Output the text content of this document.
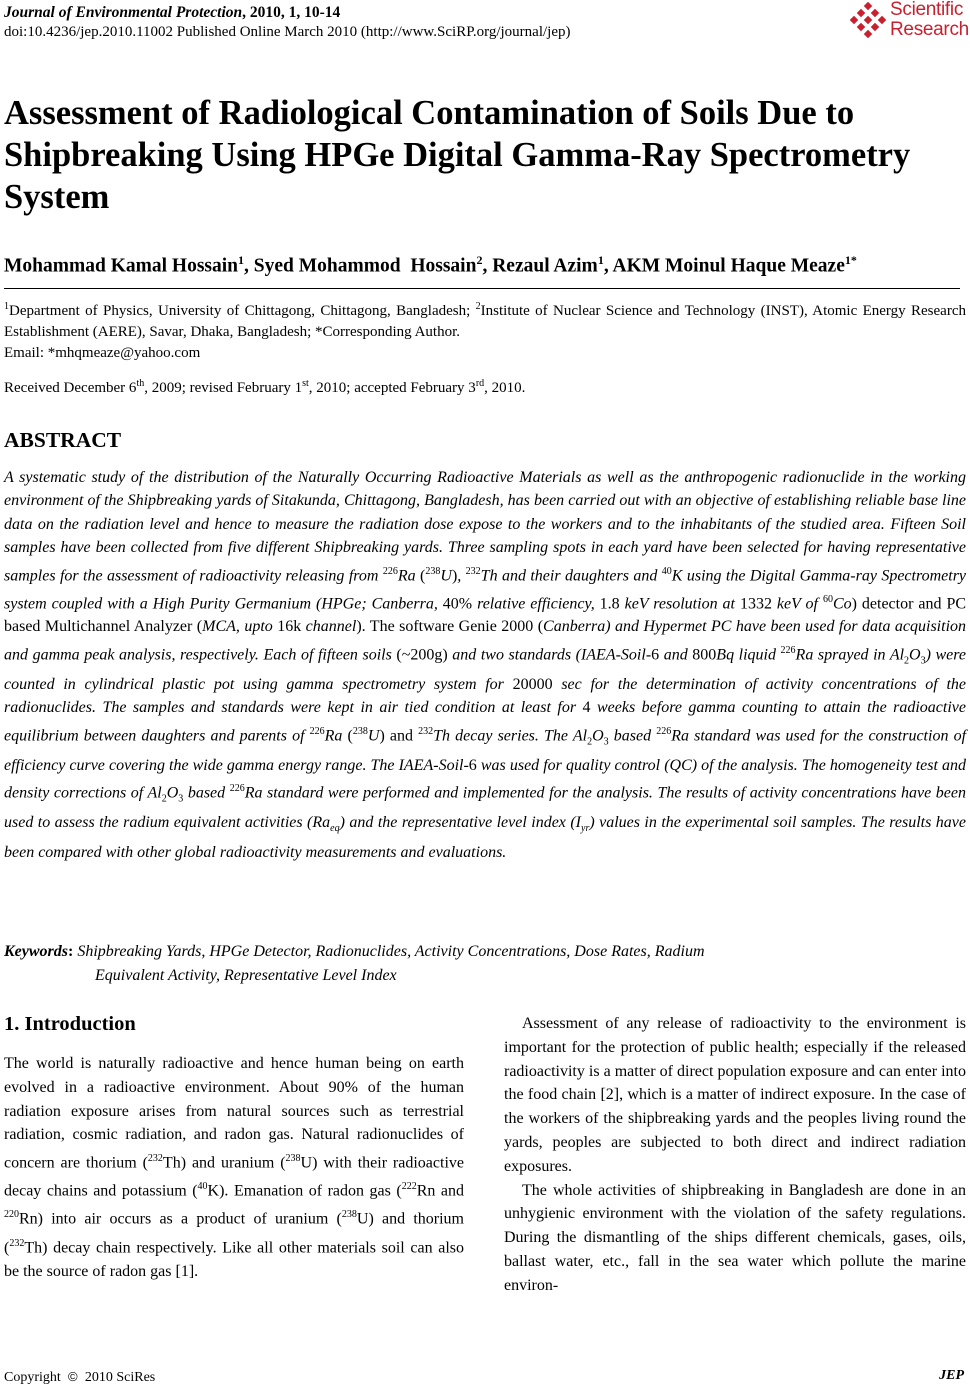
Journal of Environmental Protection, 2010, 1, 10-14
doi:10.4236/jep.2010.11002 Published Online March 2010 (http://www.SciRP.org/journal/jep)
Scientific
Research
Assessment of Radiological Contamination of Soils Due to Shipbreaking Using HPGe Digital Gamma-Ray Spectrometry System
Mohammad Kamal Hossain$^1$, Syed Mohammod  Hossain$^2$, Rezaul Azim$^1$, AKM Moinul Haque Meaze$^{1*}$

$^1$Department of Physics, University of Chittagong, Chittagong, Bangladesh; $^2$Institute of Nuclear Science and Technology (INST), Atomic Energy Research Establishment (AERE), Savar, Dhaka, Bangladesh; *Corresponding Author.

Email: *mhqmeaze@yahoo.com

Received December 6th, 2009; revised February 1st, 2010; accepted February 3rd, 2010.
ABSTRACT

A systematic study of the distribution of the Naturally Occurring Radioactive Materials as well as the anthropogenic radionuclide in the working environment of the Shipbreaking yards of Sitakunda, Chittagong, Bangladesh, has been carried out with an objective of establishing reliable base line data on the radiation level and hence to measure the radiation dose expose to the workers and to the inhabitants of the studied area. Fifteen Soil samples have been collected from five different Shipbreaking yards. Three sampling spots in each yard have been selected for having representative samples for the assessment of radioactivity releasing from $^{226}$Ra ($^{238}$U), $^{232}$Th and their daughters and $^{40}$K using the Digital Gamma-ray Spectrometry system coupled with a High Purity Germanium (HPGe; Canberra, 40% relative efficiency, 1.8 keV resolution at 1332 keV of $^{60}$Co) detector and PC based Multichannel Analyzer (MCA, upto 16k channel). The software Genie 2000 (Canberra) and Hypermet PC have been used for data acquisition and gamma peak analysis, respectively. Each of fifteen soils (~200g) and two standards (IAEA-Soil-6 and 800Bq liquid $^{226}$Ra sprayed in $Al_2O_3$) were counted in cylindrical plastic pot using gamma spectrometry system for 20000 sec for the determination of activity concentrations of the radionuclides. The samples and standards were kept in air tied condition at least for 4 weeks before gamma counting to attain the radioactive equilibrium between daughters and parents of $^{226}$Ra ($^{238}$U) and $^{232}$Th decay series. The $Al_2O_3$ based $^{226}$Ra standard was used for the construction of efficiency curve covering the wide gamma energy range. The IAEA-Soil-6 was used for quality control (QC) of the analysis. The homogeneity test and density corrections of $Al_2O_3$ based $^{226}$Ra standard were performed and implemented for the analysis. The results of activity concentrations have been used to assess the radium equivalent activities $(Ra_{eq})$ and the representative level index $(I_{yr})$ values in the experimental soil samples. The results have been compared with other global radioactivity measurements and evaluations.

Keywords: Shipbreaking Yards, HPGe Detector, Radionuclides, Activity Concentrations, Dose Rates, Radium
Equivalent Activity, Representative Level Index
1. Introduction

The world is naturally radioactive and hence human being on earth evolved in a radioactive environment. About 90% of the human radiation exposure arises from natural sources such as terrestrial radiation, cosmic radiation, and radon gas. Natural radionuclides of concern are thorium ($^{232}$Th) and uranium ($^{238}$U) with their radioactive decay chains and potassium ($^{40}$K). Emanation of radon gas ($^{222}$Rn and $^{220}$Rn) into air occurs as a product of uranium ($^{238}$U) and thorium ($^{232}$Th) decay chain respectively. Like all other materials soil can also be the source of radon gas [1].

Assessment of any release of radioactivity to the environment is important for the protection of public health; especially if the released radioactivity is a matter of direct population exposure and can enter into the food chain [2], which is a matter of indirect exposure. In the case of the workers of the shipbreaking yards and the peoples living round the yards, peoples are subjected to both direct and indirect radiation exposures.

The whole activities of shipbreaking in Bangladesh are done in an unhygienic environment with the violation of the safety regulations. During the dismantling of the ships different chemicals, gases, oils, ballast water, etc., fall in the sea water which pollute the marine environ-

Copyright © 2010 SciRes	JEP
